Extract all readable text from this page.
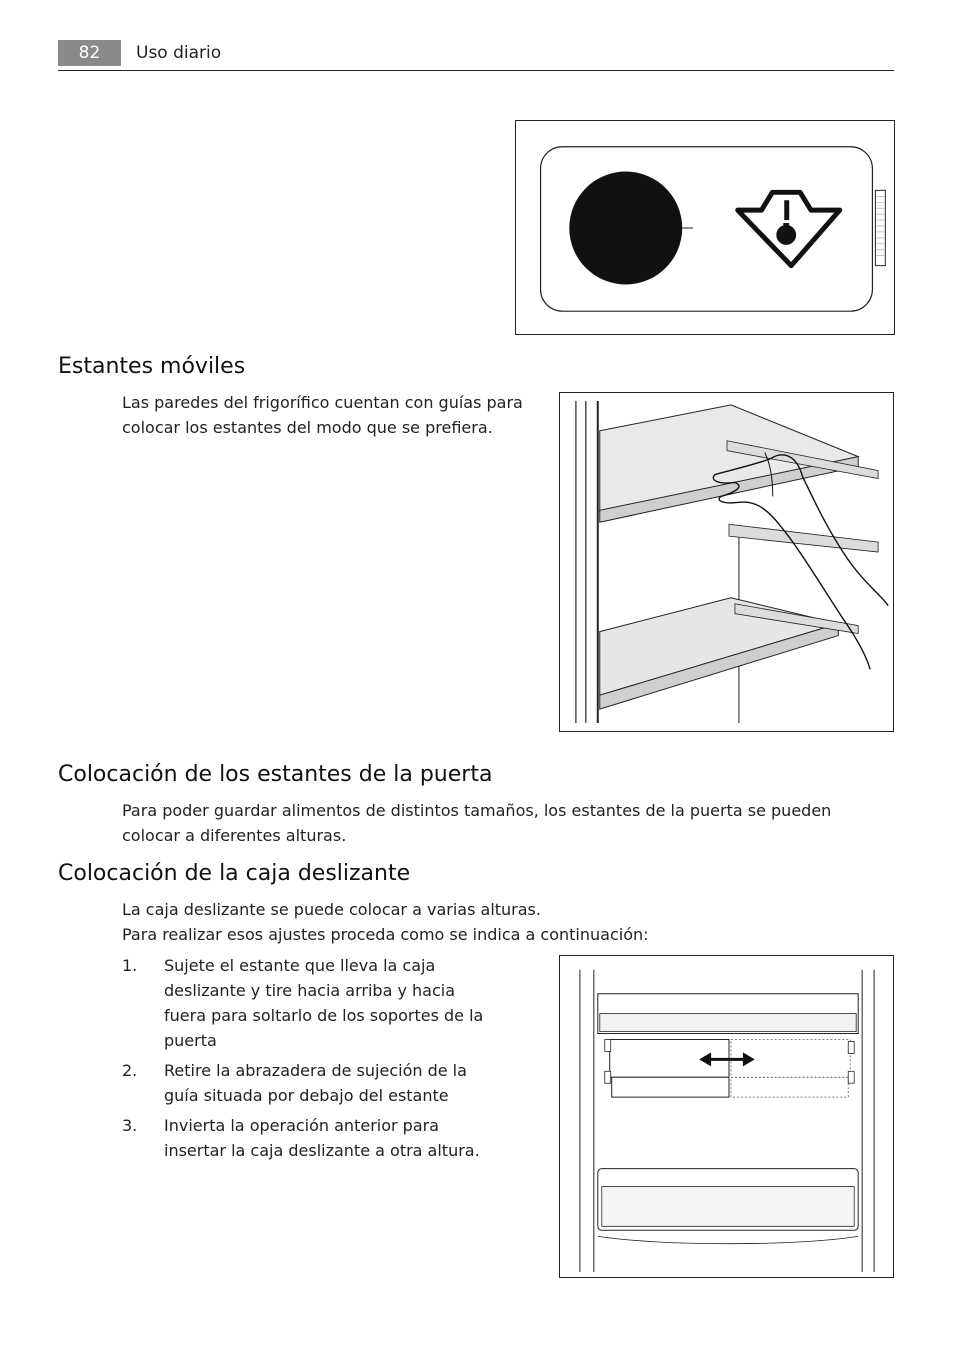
82	Uso diario
Estantes móviles

Las paredes del frigorífico cuentan con guías para colocar los estantes del modo que se prefiera.

Colocación de los estantes de la puerta

Para poder guardar alimentos de distintos tamaños, los estantes de la puerta se pueden colocar a diferentes alturas.

Colocación de la caja deslizante

La caja deslizante se puede colocar a varias alturas.

Para realizar esos ajustes proceda como se indica a continuación:

1. Sujete el estante que lleva la caja deslizante y tire hacia arriba y hacia fuera para soltarlo de los soportes de la puerta
2. Retire la abrazadera de sujeción de la guía situada por debajo del estante
3. Invierta la operación anterior para insertar la caja deslizante a otra altura.
